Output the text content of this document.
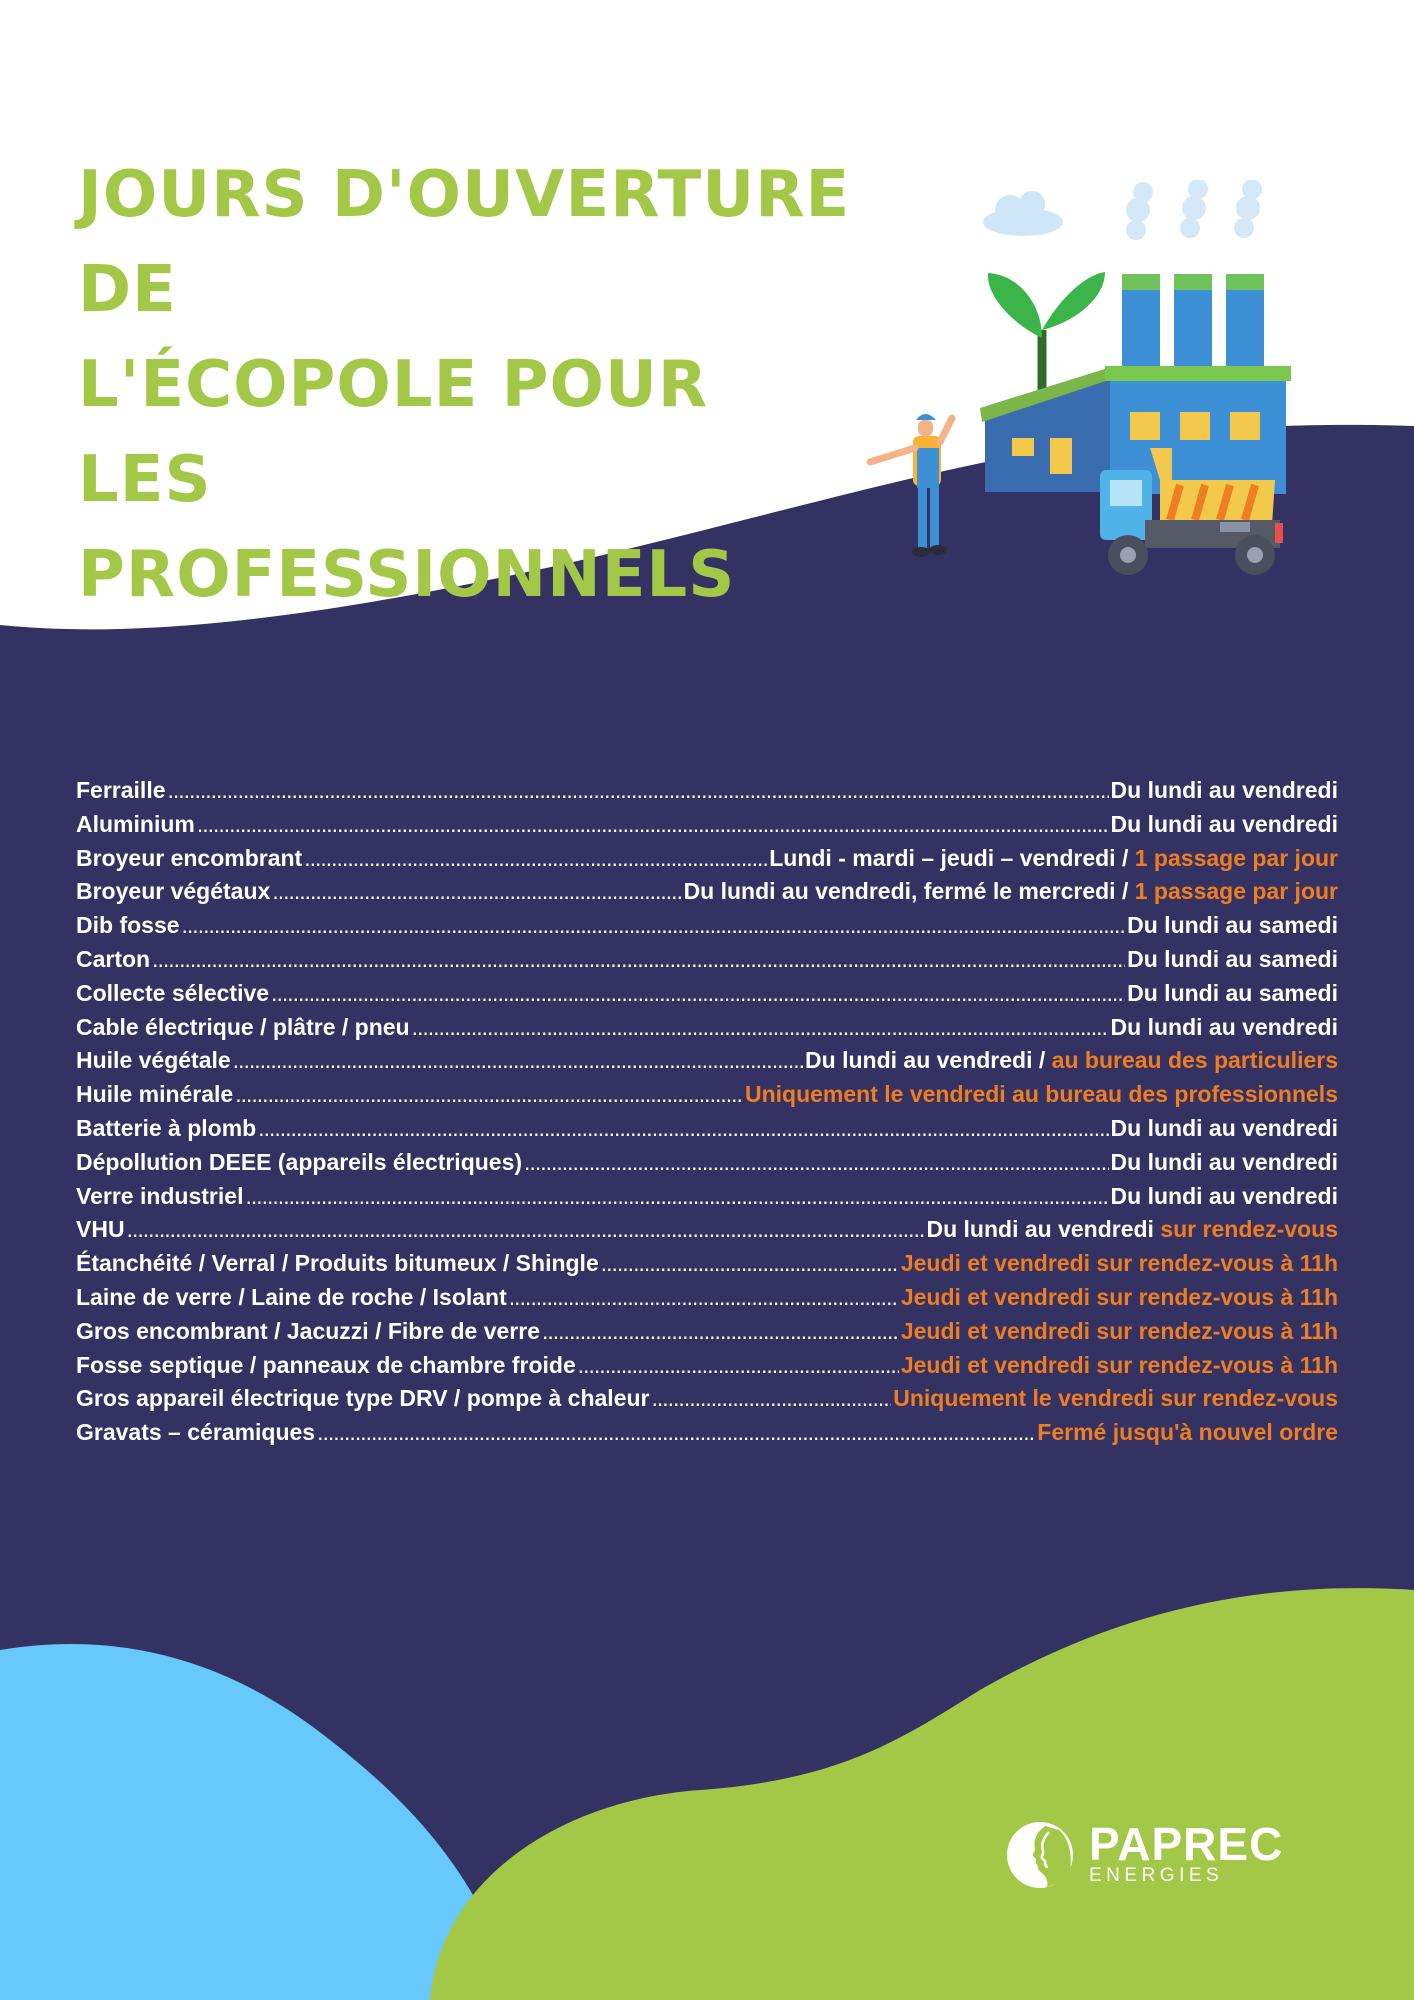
JOURS D'OUVERTURE DE
L'ÉCOPOLE POUR LES
PROFESSIONNELS
Ferraille .....	Du lundi au vendredi
Aluminium .....	Du lundi au vendredi
Broyeur encombrant .....	Lundi - mardi – jeudi – vendredi / 1 passage par jour
Broyeur végétaux .....	Du lundi au vendredi, fermé le mercredi / 1 passage par jour
Dib fosse .....	Du lundi au samedi
Carton .....	Du lundi au samedi
Collecte sélective .....	Du lundi au samedi
Cable électrique / plâtre / pneu .....	Du lundi au vendredi
Huile végétale .....	Du lundi au vendredi / au bureau des particuliers
Huile minérale .....	Uniquement le vendredi au bureau des professionnels
Batterie à plomb .....	Du lundi au vendredi
Dépollution DEEE (appareils électriques) .....	Du lundi au vendredi
Verre industriel .....	Du lundi au vendredi
VHU .....	Du lundi au vendredi sur rendez-vous
Étanchéité / Verral / Produits bitumeux / Shingle .....	Jeudi et vendredi sur rendez-vous à 11h
Laine de verre / Laine de roche / Isolant .....	Jeudi et vendredi sur rendez-vous à 11h
Gros encombrant / Jacuzzi / Fibre de verre .....	Jeudi et vendredi sur rendez-vous à 11h
Fosse septique / panneaux de chambre froide .....	Jeudi et vendredi sur rendez-vous à 11h
Gros appareil électrique type DRV / pompe à chaleur .....	Uniquement le vendredi sur rendez-vous
Gravats – céramiques .....	Fermé jusqu'à nouvel ordre
PAPREC
ENERGIES
